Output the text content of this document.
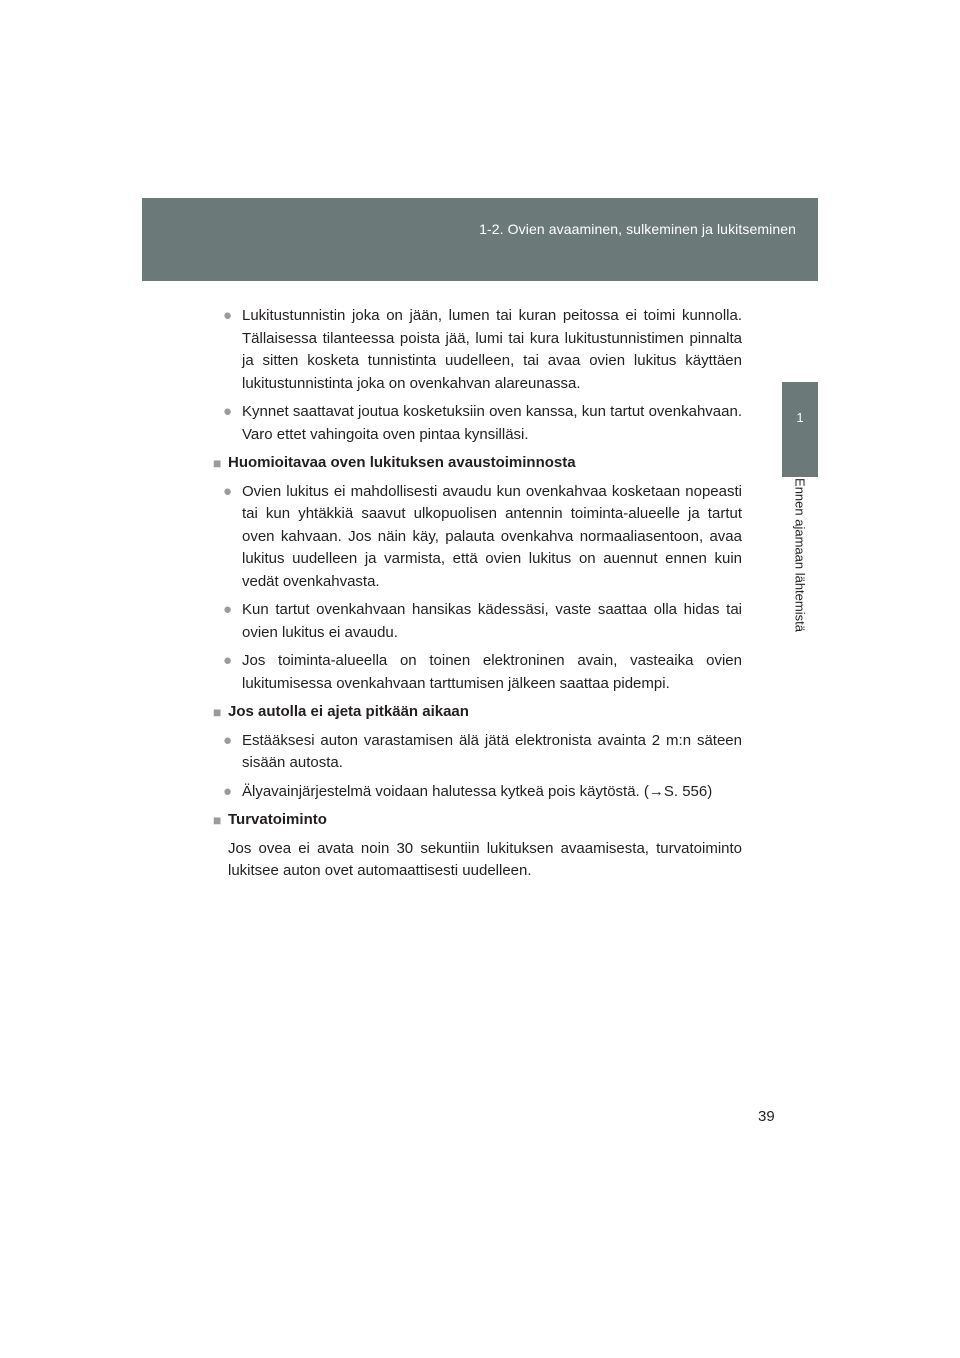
1-2. Ovien avaaminen, sulkeminen ja lukitseminen
1
Ennen ajamaan lähtemistä
● Lukitustunnistin joka on jään, lumen tai kuran peitossa ei toimi kunnolla. Tällaisessa tilanteessa poista jää, lumi tai kura lukitustunnistimen pinnalta ja sitten kosketa tunnistinta uudelleen, tai avaa ovien lukitus käyttäen lukitustunnistinta joka on ovenkahvan alareunassa.
● Kynnet saattavat joutua kosketuksiin oven kanssa, kun tartut ovenkahvaan. Varo ettet vahingoita oven pintaa kynsilläsi.
■ Huomioitavaa oven lukituksen avaustoiminnosta
● Ovien lukitus ei mahdollisesti avaudu kun ovenkahvaa kosketaan nopeasti tai kun yhtäkkiä saavut ulkopuolisen antennin toiminta-alueelle ja tartut oven kahvaan. Jos näin käy, palauta ovenkahva normaaliasentoon, avaa lukitus uudelleen ja varmista, että ovien lukitus on auennut ennen kuin vedät ovenkahvasta.
● Kun tartut ovenkahvaan hansikas kädessäsi, vaste saattaa olla hidas tai ovien lukitus ei avaudu.
● Jos toiminta-alueella on toinen elektroninen avain, vasteaika ovien lukitumisessa ovenkahvaan tarttumisen jälkeen saattaa pidempi.
■ Jos autolla ei ajeta pitkään aikaan
● Estääksesi auton varastamisen älä jätä elektronista avainta 2 m:n säteen sisään autosta.
● Älyavainjärjestelmä voidaan halutessa kytkeä pois käytöstä. (→S. 556)
■ Turvatoiminto
Jos ovea ei avata noin 30 sekuntiin lukituksen avaamisesta, turvatoiminto lukitsee auton ovet automaattisesti uudelleen.
39
